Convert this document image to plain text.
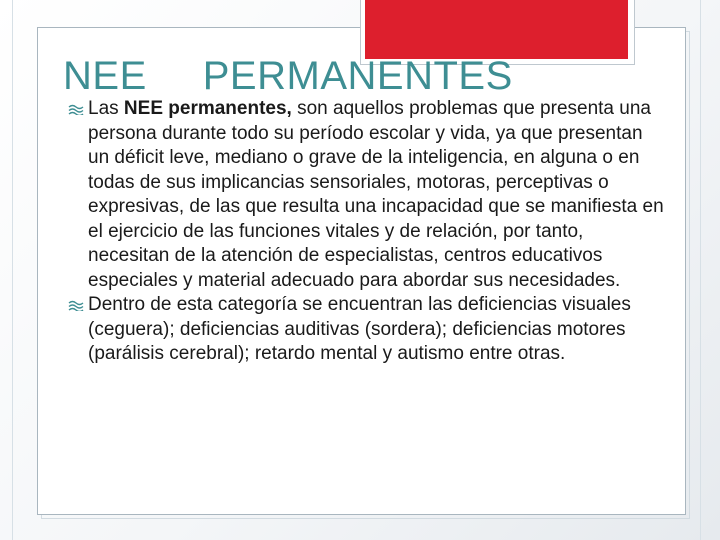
NEE PERMANENTES
Las NEE permanentes, son aquellos problemas que presenta una persona durante todo su período escolar y vida, ya que presentan un déficit leve, mediano o grave de la inteligencia, en alguna o en todas de sus implicancias sensoriales, motoras, perceptivas o expresivas, de las que resulta una incapacidad que se manifiesta en el ejercicio de las funciones vitales y de relación, por tanto, necesitan de la atención de especialistas, centros educativos especiales y material adecuado para abordar sus necesidades.
Dentro de esta categoría se encuentran las deficiencias visuales (ceguera); deficiencias auditivas (sordera); deficiencias motores (parálisis cerebral); retardo mental y autismo entre otras.
